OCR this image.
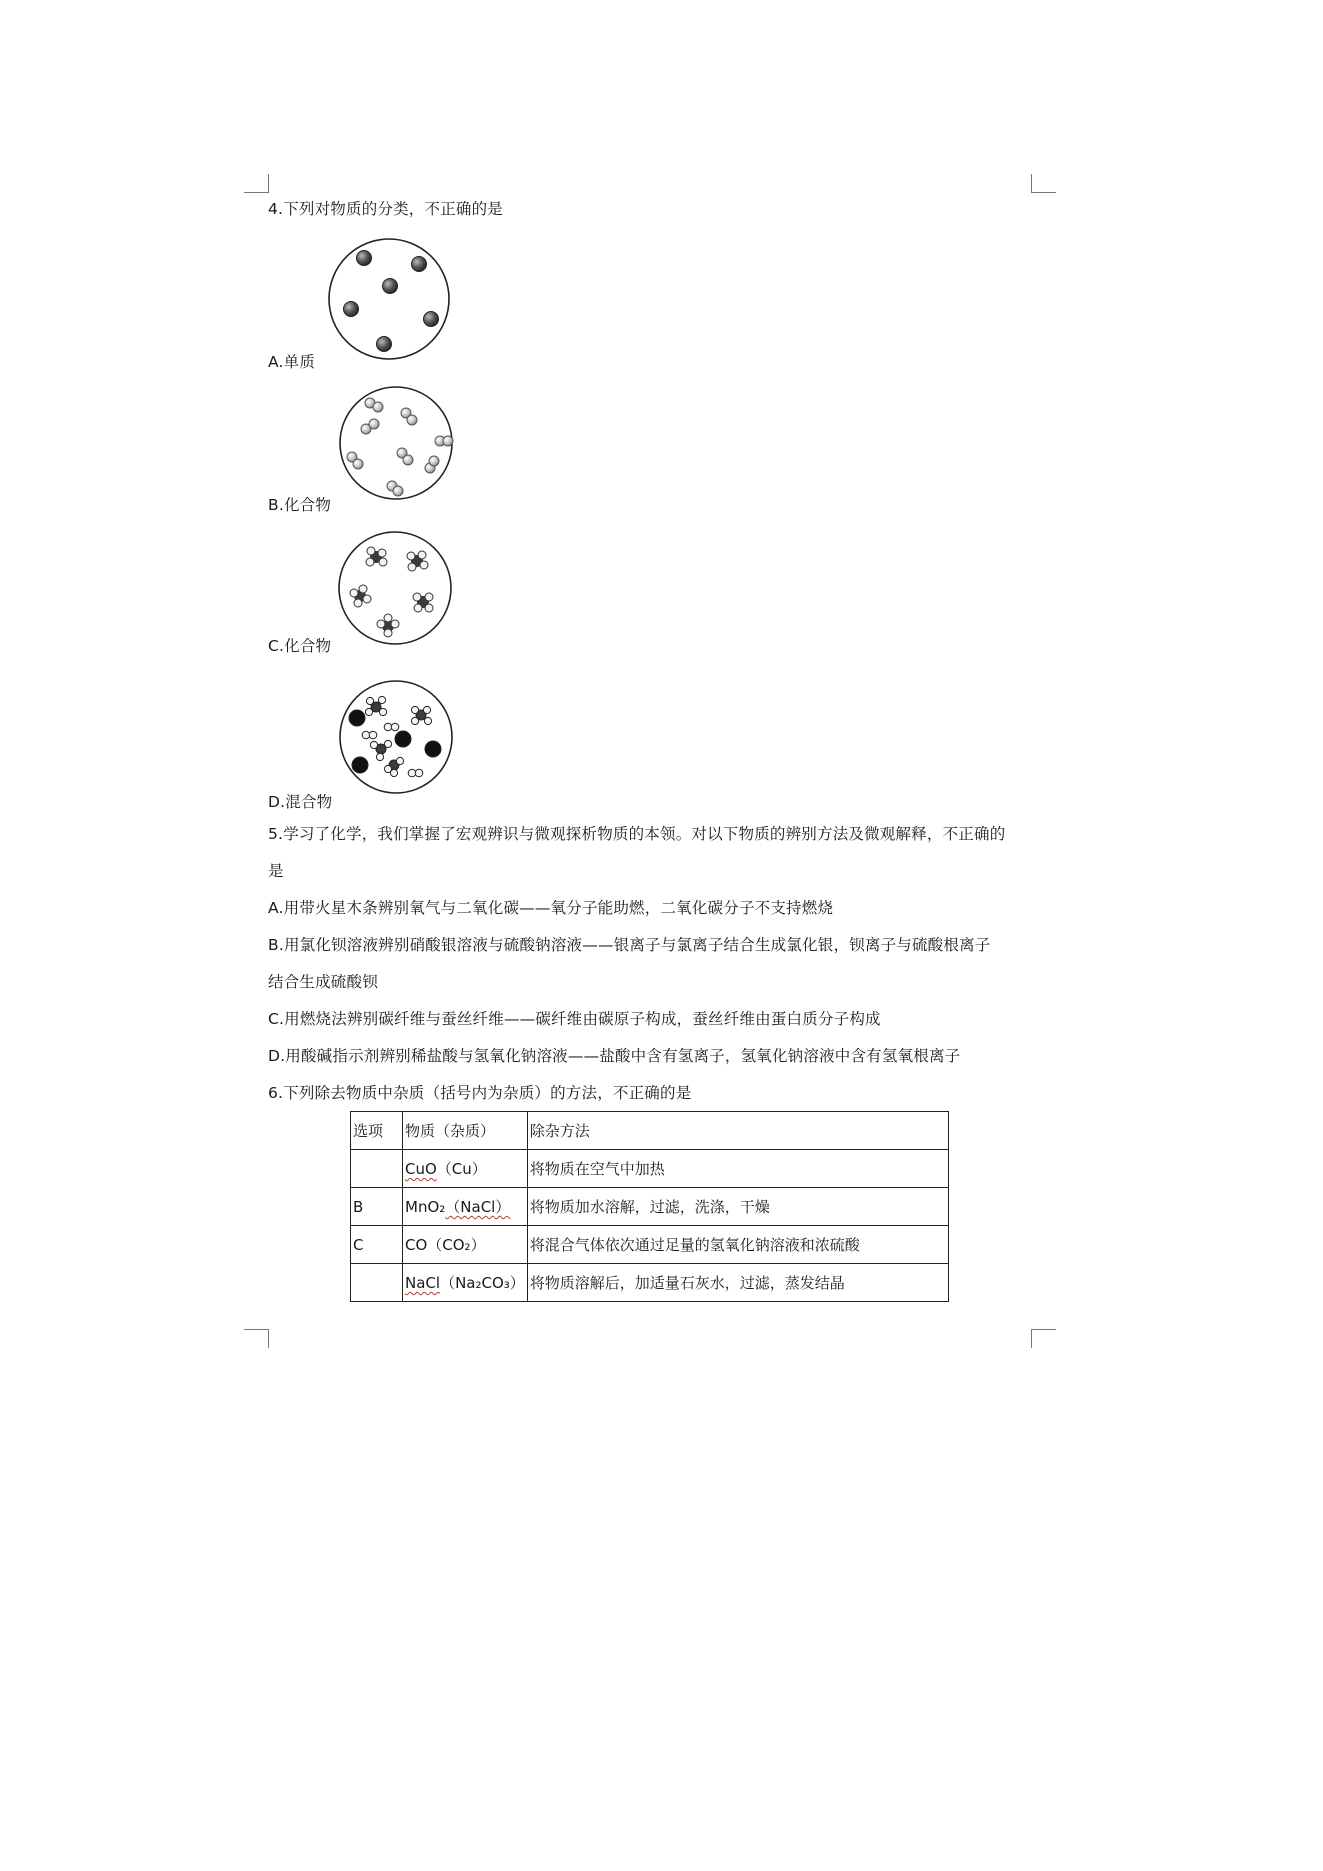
4.下列对物质的分类，不正确的是
A.单质
B.化合物
C.化合物
D.混合物
5.学习了化学，我们掌握了宏观辨识与微观探析物质的本领。对以下物质的辨别方法及微观解释，不正确的
是
A.用带火星木条辨别氧气与二氧化碳——氧分子能助燃，二氧化碳分子不支持燃烧
B.用氯化钡溶液辨别硝酸银溶液与硫酸钠溶液——银离子与氯离子结合生成氯化银，钡离子与硫酸根离子
结合生成硫酸钡
C.用燃烧法辨别碳纤维与蚕丝纤维——碳纤维由碳原子构成，蚕丝纤维由蛋白质分子构成
D.用酸碱指示剂辨别稀盐酸与氢氧化钠溶液——盐酸中含有氢离子，氢氧化钠溶液中含有氢氧根离子
6.下列除去物质中杂质（括号内为杂质）的方法，不正确的是
选项	物质（杂质）	除杂方法
	CuO（Cu）	将物质在空气中加热
B	MnO₂（NaCl）	将物质加水溶解，过滤，洗涤，干燥
C	CO（CO₂）	将混合气体依次通过足量的氢氧化钠溶液和浓硫酸
	NaCl（Na₂CO₃）	将物质溶解后，加适量石灰水，过滤，蒸发结晶
